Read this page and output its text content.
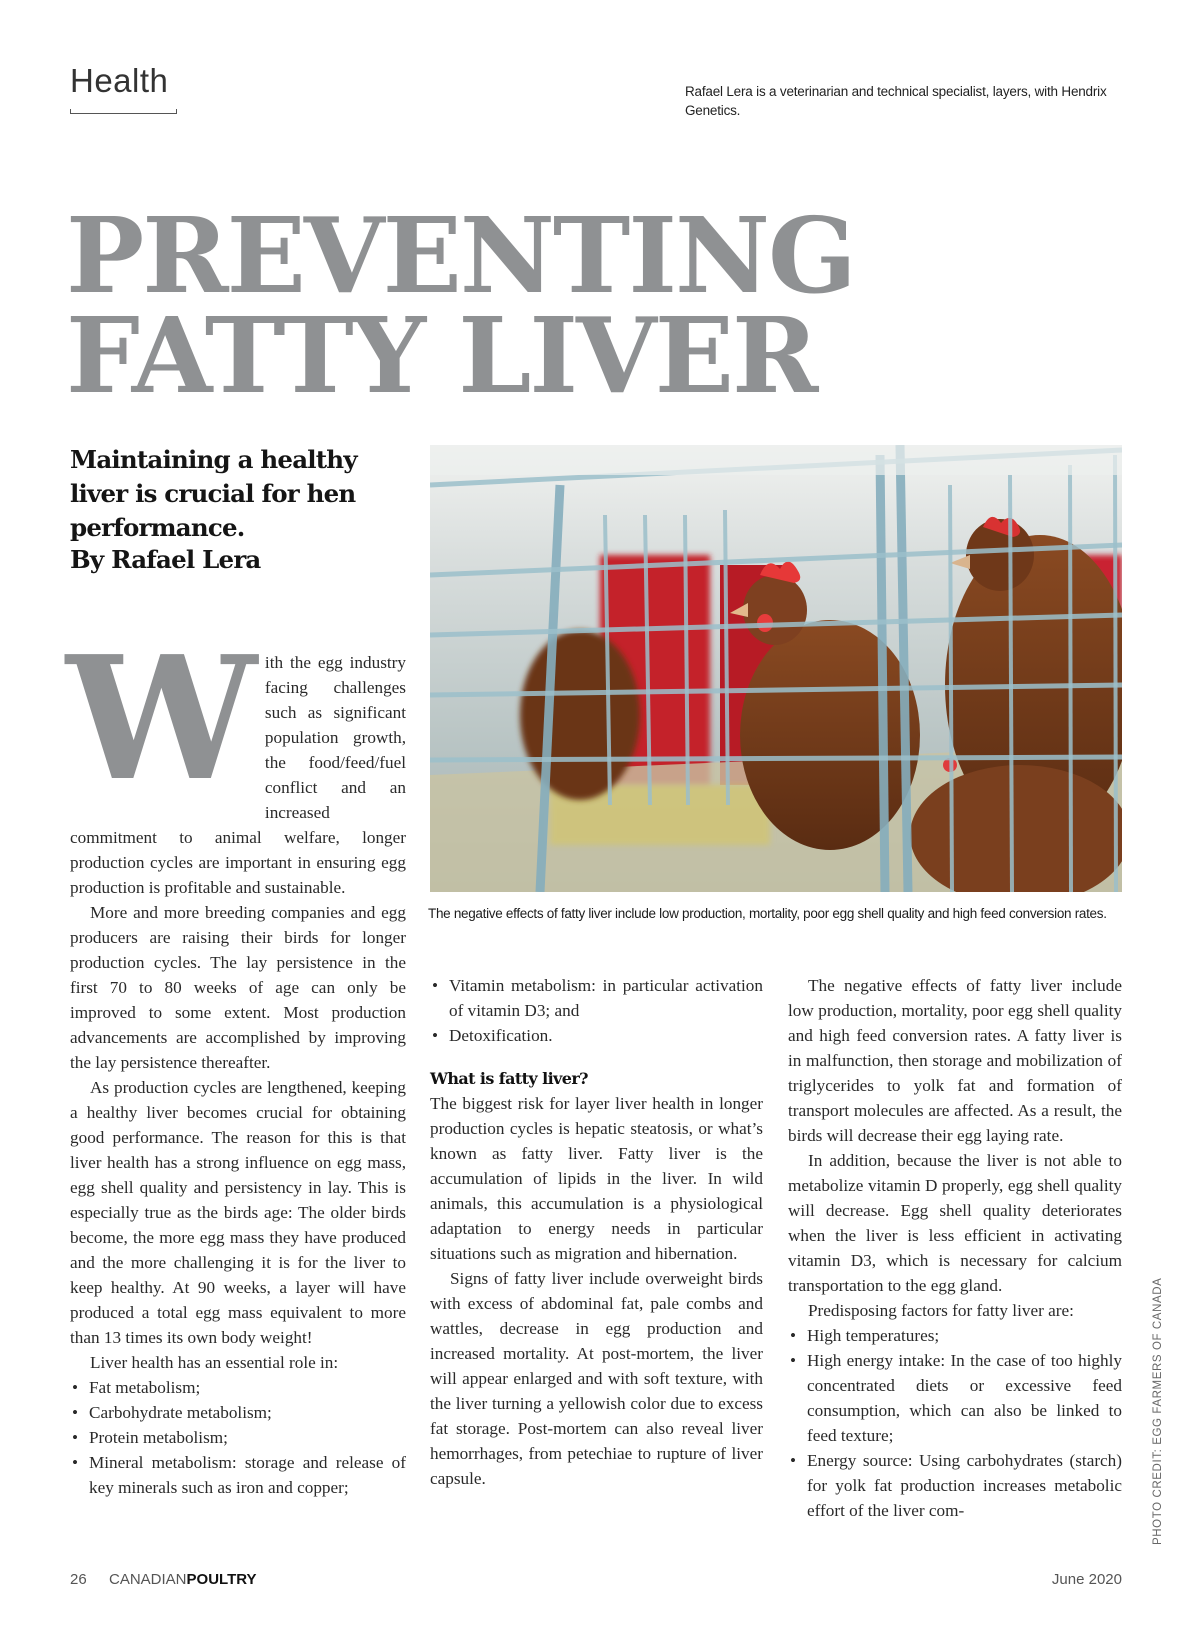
Health	Rafael Lera is a veterinarian and technical specialist, layers, with Hendrix Genetics.
PREVENTING
FATTY LIVER
Maintaining a healthy liver is crucial for hen performance.
By Rafael Lera
The negative effects of fatty liver include low production, mortality, poor egg shell quality and high feed conversion rates.
W ith the egg industry facing challenges such as significant population growth, the food/feed/fuel conflict and an increased commitment to animal welfare, longer production cycles are important in ensuring egg production is profitable and sustainable.

More and more breeding companies and egg producers are raising their birds for longer production cycles. The lay persistence in the first 70 to 80 weeks of age can only be improved to some extent. Most production advancements are accomplished by improving the lay persistence thereafter.

As production cycles are lengthened, keeping a healthy liver becomes crucial for obtaining good performance. The reason for this is that liver health has a strong influence on egg mass, egg shell quality and persistency in lay. This is especially true as the birds age: The older birds become, the more egg mass they have produced and the more challenging it is for the liver to keep healthy. At 90 weeks, a layer will have produced a total egg mass equivalent to more than 13 times its own body weight!

Liver health has an essential role in:

• Fat metabolism;
• Carbohydrate metabolism;
• Protein metabolism;
• Mineral metabolism: storage and release of key minerals such as iron and copper;
• Vitamin metabolism: in particular activation of vitamin D3; and
• Detoxification.
What is fatty liver?

The biggest risk for layer liver health in longer production cycles is hepatic steatosis, or what’s known as fatty liver. Fatty liver is the accumulation of lipids in the liver. In wild animals, this accumulation is a physiological adaptation to energy needs in particular situations such as migration and hibernation.

Signs of fatty liver include overweight birds with excess of abdominal fat, pale combs and wattles, decrease in egg production and increased mortality. At post-mortem, the liver will appear enlarged and with soft texture, with the liver turning a yellowish color due to excess fat storage. Post-mortem can also reveal liver hemorrhages, from petechiae to rupture of liver capsule.

The negative effects of fatty liver include low production, mortality, poor egg shell quality and high feed conversion rates. A fatty liver is in malfunction, then storage and mobilization of triglycerides to yolk fat and formation of transport molecules are affected. As a result, the birds will decrease their egg laying rate.

In addition, because the liver is not able to metabolize vitamin D properly, egg shell quality will decrease. Egg shell quality deteriorates when the liver is less efficient in activating vitamin D3, which is necessary for calcium transportation to the egg gland.

Predisposing factors for fatty liver are:

• High temperatures;
• High energy intake: In the case of too highly concentrated diets or excessive feed consumption, which can also be linked to feed texture;
• Energy source: Using carbohydrates (starch) for yolk fat production increases metabolic effort of the liver com-	PHOTO CREDIT: EGG FARMERS OF CANADA
26 CANADIANPOULTRY	June 2020
